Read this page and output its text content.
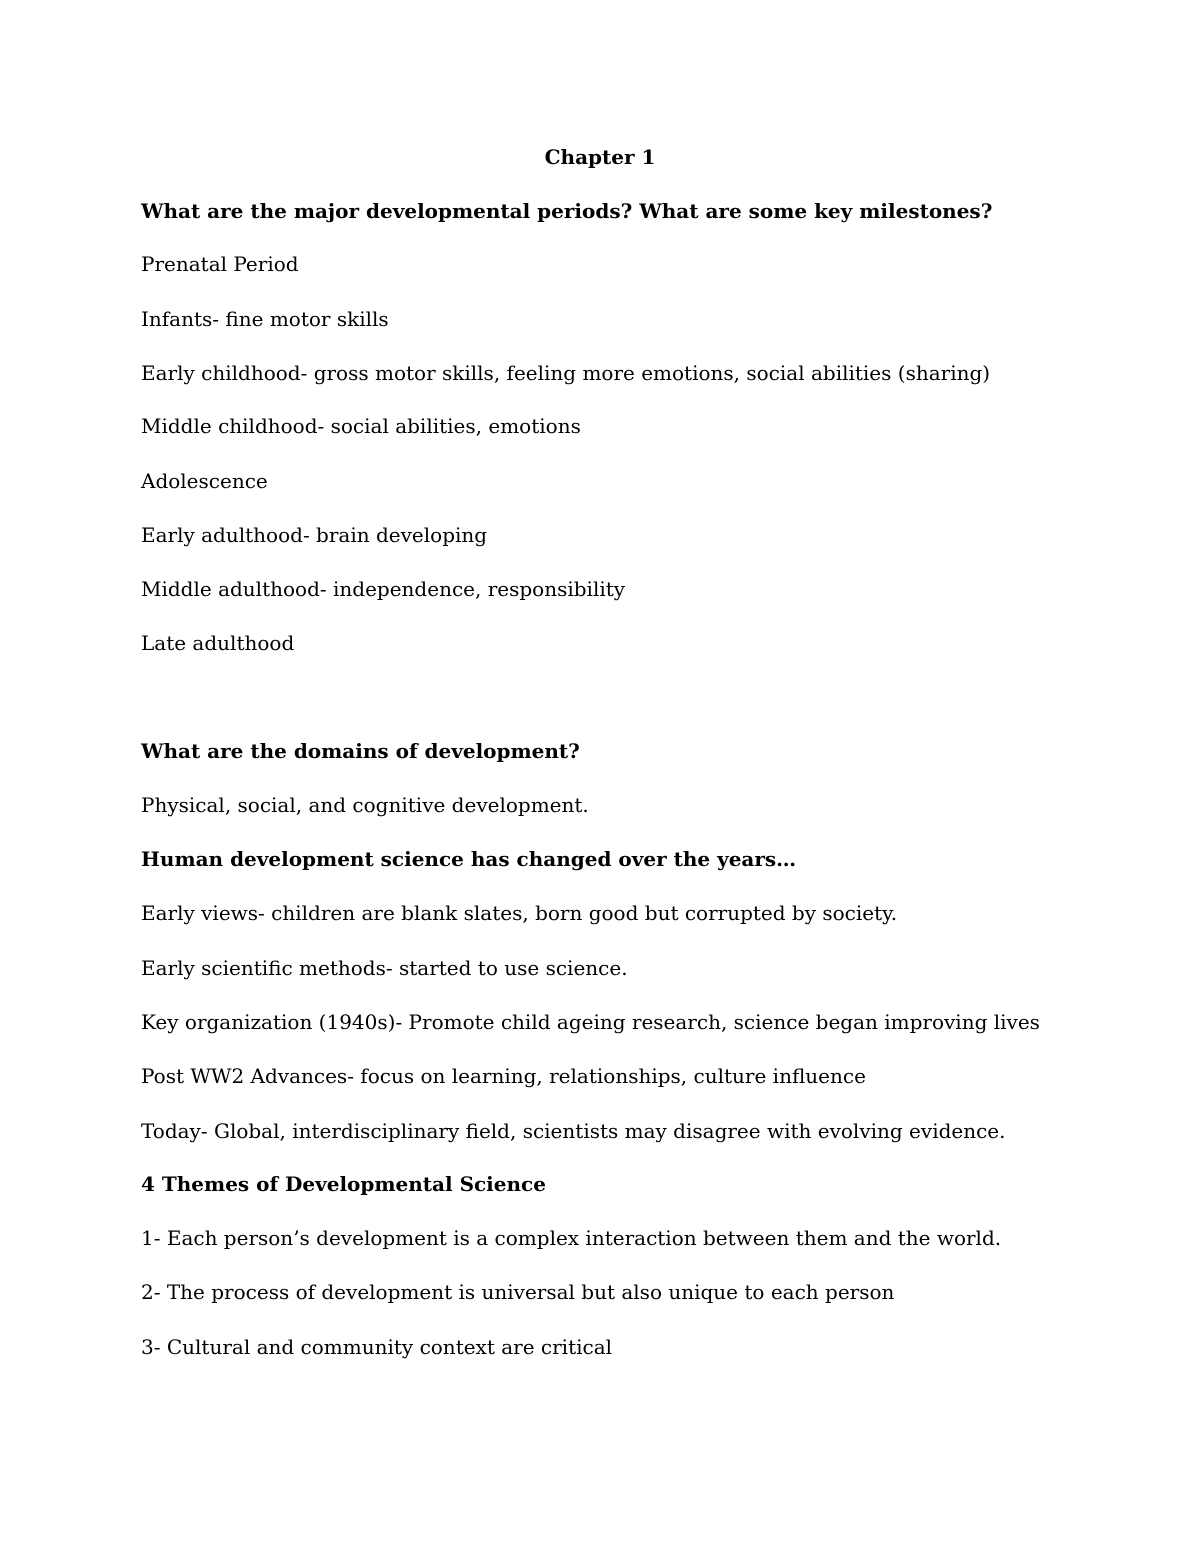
Chapter 1
What are the major developmental periods? What are some key milestones?
Prenatal Period
Infants- fine motor skills
Early childhood- gross motor skills, feeling more emotions, social abilities (sharing)
Middle childhood- social abilities, emotions
Adolescence
Early adulthood- brain developing
Middle adulthood- independence, responsibility
Late adulthood
What are the domains of development?
Physical, social, and cognitive development.
Human development science has changed over the years…
Early views- children are blank slates, born good but corrupted by society.
Early scientific methods- started to use science.
Key organization (1940s)- Promote child ageing research, science began improving lives
Post WW2 Advances- focus on learning, relationships, culture influence
Today- Global, interdisciplinary field, scientists may disagree with evolving evidence.
4 Themes of Developmental Science
1- Each person’s development is a complex interaction between them and the world.
2- The process of development is universal but also unique to each person
3- Cultural and community context are critical
